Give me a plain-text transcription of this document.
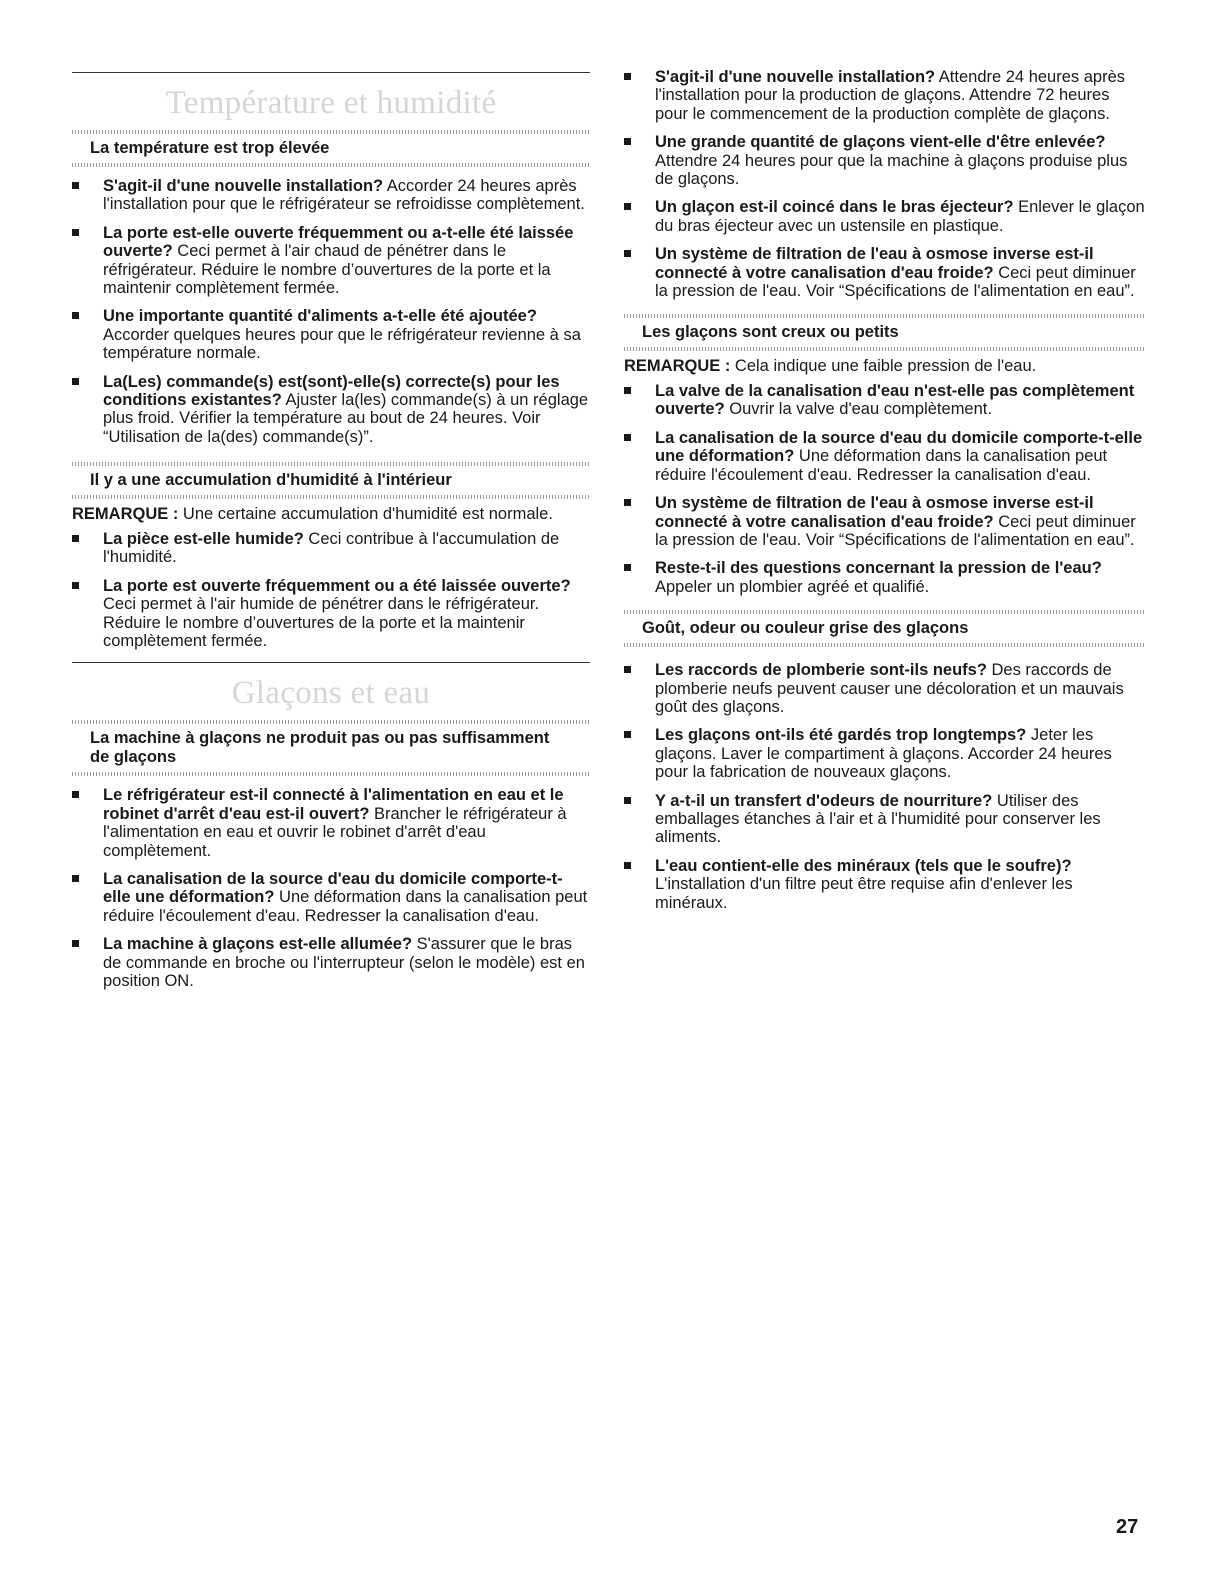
Température et humidité
La température est trop élevée
S'agit-il d'une nouvelle installation? Accorder 24 heures après l'installation pour que le réfrigérateur se refroidisse complètement.
La porte est-elle ouverte fréquemment ou a-t-elle été laissée ouverte? Ceci permet à l'air chaud de pénétrer dans le réfrigérateur. Réduire le nombre d’ouvertures de la porte et la maintenir complètement fermée.
Une importante quantité d'aliments a-t-elle été ajoutée? Accorder quelques heures pour que le réfrigérateur revienne à sa température normale.
La(Les) commande(s) est(sont)-elle(s) correcte(s) pour les conditions existantes? Ajuster la(les) commande(s) à un réglage plus froid. Vérifier la température au bout de 24 heures. Voir “Utilisation de la(des) commande(s)”.
Il y a une accumulation d'humidité à l'intérieur

REMARQUE : Une certaine accumulation d'humidité est normale.

La pièce est-elle humide? Ceci contribue à l'accumulation de l'humidité.
La porte est ouverte fréquemment ou a été laissée ouverte? Ceci permet à l'air humide de pénétrer dans le réfrigérateur. Réduire le nombre d’ouvertures de la porte et la maintenir complètement fermée.
Glaçons et eau
La machine à glaçons ne produit pas ou pas suffisamment de glaçons
Le réfrigérateur est-il connecté à l'alimentation en eau et le robinet d'arrêt d'eau est-il ouvert? Brancher le réfrigérateur à l'alimentation en eau et ouvrir le robinet d'arrêt d'eau complètement.
La canalisation de la source d'eau du domicile comporte-t-elle une déformation? Une déformation dans la canalisation peut réduire l'écoulement d'eau. Redresser la canalisation d'eau.
La machine à glaçons est-elle allumée? S'assurer que le bras de commande en broche ou l'interrupteur (selon le modèle) est en position ON.
S'agit-il d'une nouvelle installation? Attendre 24 heures après l'installation pour la production de glaçons. Attendre 72 heures pour le commencement de la production complète de glaçons.
Une grande quantité de glaçons vient-elle d'être enlevée? Attendre 24 heures pour que la machine à glaçons produise plus de glaçons.
Un glaçon est-il coincé dans le bras éjecteur? Enlever le glaçon du bras éjecteur avec un ustensile en plastique.
Un système de filtration de l'eau à osmose inverse est-il connecté à votre canalisation d'eau froide? Ceci peut diminuer la pression de l'eau. Voir “Spécifications de l'alimentation en eau”.
Les glaçons sont creux ou petits

REMARQUE : Cela indique une faible pression de l'eau.

La valve de la canalisation d'eau n'est-elle pas complètement ouverte? Ouvrir la valve d'eau complètement.
La canalisation de la source d'eau du domicile comporte-t-elle une déformation? Une déformation dans la canalisation peut réduire l'écoulement d'eau. Redresser la canalisation d'eau.
Un système de filtration de l'eau à osmose inverse est-il connecté à votre canalisation d'eau froide? Ceci peut diminuer la pression de l'eau. Voir “Spécifications de l'alimentation en eau”.
Reste-t-il des questions concernant la pression de l'eau? Appeler un plombier agréé et qualifié.
Goût, odeur ou couleur grise des glaçons
Les raccords de plomberie sont-ils neufs? Des raccords de plomberie neufs peuvent causer une décoloration et un mauvais goût des glaçons.
Les glaçons ont-ils été gardés trop longtemps? Jeter les glaçons. Laver le compartiment à glaçons. Accorder 24 heures pour la fabrication de nouveaux glaçons.
Y a-t-il un transfert d'odeurs de nourriture? Utiliser des emballages étanches à l'air et à l'humidité pour conserver les aliments.
L'eau contient-elle des minéraux (tels que le soufre)? L'installation d'un filtre peut être requise afin d'enlever les minéraux.
27
